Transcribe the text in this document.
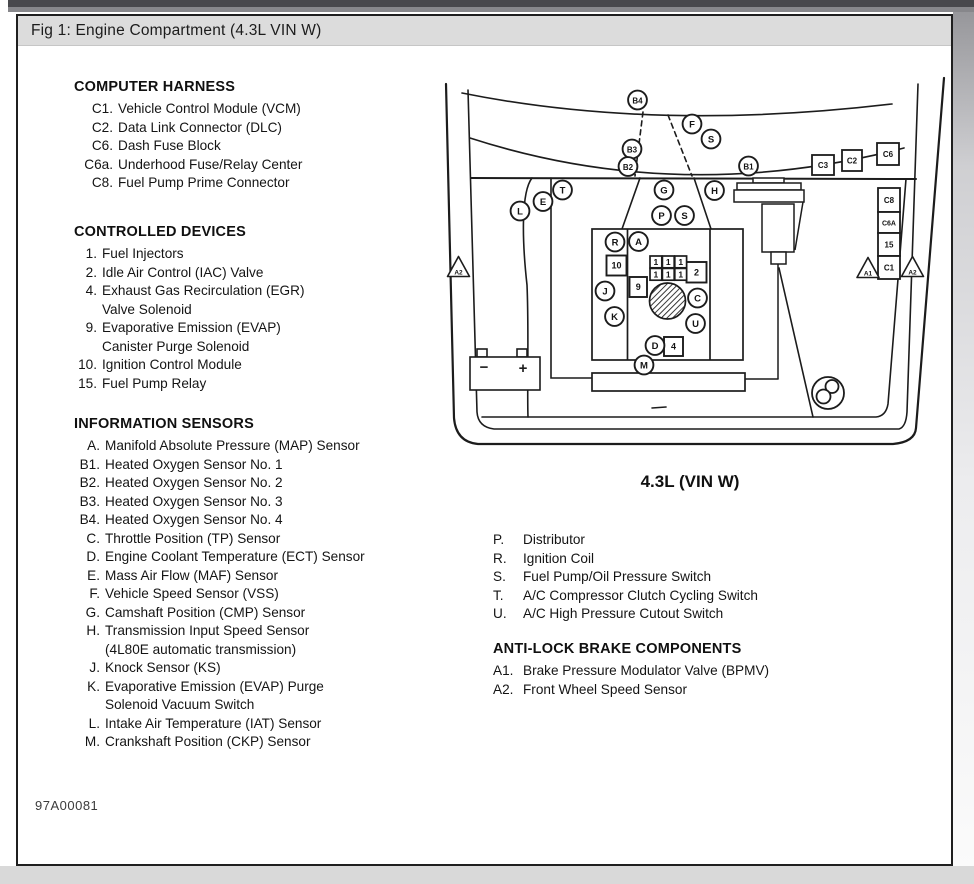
Fig 1: Engine Compartment (4.3L VIN W)
COMPUTER HARNESS
C1. Vehicle Control Module (VCM)
C2. Data Link Connector (DLC)
C6. Dash Fuse Block
C6a. Underhood Fuse/Relay Center
C8. Fuel Pump Prime Connector
CONTROLLED DEVICES
1. Fuel Injectors
2. Idle Air Control (IAC) Valve
4. Exhaust Gas Recirculation (EGR)
Valve Solenoid
9. Evaporative Emission (EVAP)
Canister Purge Solenoid
10. Ignition Control Module
15. Fuel Pump Relay
INFORMATION SENSORS
A. Manifold Absolute Pressure (MAP) Sensor
B1. Heated Oxygen Sensor No. 1
B2. Heated Oxygen Sensor No. 2
B3. Heated Oxygen Sensor No. 3
B4. Heated Oxygen Sensor No. 4
C. Throttle Position (TP) Sensor
D. Engine Coolant Temperature (ECT) Sensor
E. Mass Air Flow (MAF) Sensor
F. Vehicle Speed Sensor (VSS)
G. Camshaft Position (CMP) Sensor
H. Transmission Input Speed Sensor
(4L80E automatic transmission)
J. Knock Sensor (KS)
K. Evaporative Emission (EVAP) Purge
Solenoid Vacuum Switch
L. Intake Air Temperature (IAT) Sensor
M. Crankshaft Position (CKP) Sensor
P. Distributor
R. Ignition Coil
S. Fuel Pump/Oil Pressure Switch
T. A/C Compressor Clutch Cycling Switch
U. A/C High Pressure Cutout Switch
ANTI-LOCK BRAKE COMPONENTS
A1. Brake Pressure Modulator Valve (BPMV)
A2. Front Wheel Speed Sensor
− +
C3 C2
C6
C8
C6A
15
C1
10
9
2
4
1 1 1
1 1 1
A2	A1	A2
B4
F
S
B3
B2	B1
T
E
L
G	H
P S
R A
J
K
C
U
D
M
4.3L (VIN W)
97A00081
